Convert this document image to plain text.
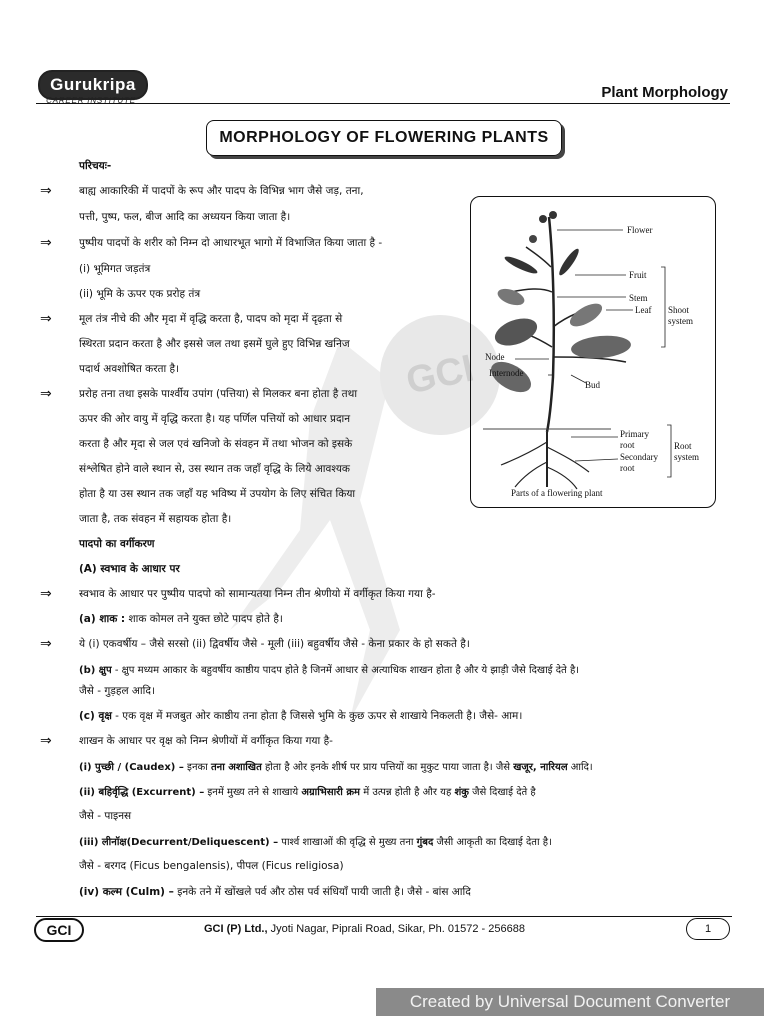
Gurukripa
CAREER INSTITUTE	Plant Morphology
MORPHOLOGY OF FLOWERING PLANTS
GCI
परिचयः-
⇒	बाह्य आकारिकी में पादपों के रूप और पादप के विभिन्न भाग जैसे जड़, तना,
पत्ती, पुष्प, फल, बीज आदि का अध्ययन किया जाता है।
⇒	पुष्पीय पादपों के शरीर को निम्न दो आधारभूत भागो में विभाजित किया जाता है -
(i) भूमिगत जड़तंत्र
(ii) भूमि के ऊपर एक प्ररोह तंत्र
⇒	मूल तंत्र नीचे की और मृदा में वृद्धि करता है, पादप को मृदा में दृढ़ता से
स्थिरता प्रदान करता है और इससे जल तथा इसमें घुले हुए विभिन्न खनिज
पदार्थ अवशोषित करता है।
⇒	प्ररोह तना तथा इसके पार्श्वीय उपांग (पत्तिया) से मिलकर बना होता है तथा
ऊपर की ओर वायु में वृद्धि करता है। यह पर्णिल पत्तियों को आधार प्रदान
करता है और मृदा से जल एवं खनिजो के संवहन में तथा भोजन को इसके
संश्लेषित होने वाले स्थान से, उस स्थान तक जहाँ वृद्धि के लिये आवश्यक
होता है या उस स्थान तक जहाँ यह भविष्य में उपयोग के लिए संचित किया
जाता है, तक संवहन में सहायक होता है।
पादपो का वर्गीकरण
(A) स्वभाव के आधार पर
⇒	स्वभाव के आधार पर पुष्पीय पादपो को सामान्यतया निम्न तीन श्रेणीयो में वर्गीकृत किया गया है-
(a) शाक : शाक कोमल तने युक्त छोटे पादप होते है।
⇒	ये (i) एकवर्षीय – जैसे सरसो (ii) द्विवर्षीय जैसे - मूली (iii) बहुवर्षीय जैसे - केना प्रकार के हो सकते है।
(b) क्षुप - क्षुप मध्यम आकार के बहुवर्षीय काष्ठीय पादप होते है जिनमें आधार से अत्याधिक शाखन होता है और ये झाड़ी जैसे दिखाई देते है।
जैसे - गुड़हल आदि।
(c) वृक्ष - एक वृक्ष में मजबुत ओर काष्ठीय तना होता है जिससे भुमि के कुछ ऊपर से शाखाये निकलती है। जैसे- आम।
⇒	शाखन के आधार पर वृक्ष को निम्न श्रेणीयों में वर्गीकृत किया गया है-
(i) पुच्छी / (Caudex) – इनका तना अशाखित होता है ओर इनके शीर्ष पर प्राय पत्तियों का मुकुट पाया जाता है। जैसे खजूर, नारियल आदि।
(ii) बहिर्वृद्धि (Excurrent) – इनमें मुख्य तने से शाखाये अग्राभिसारी क्रम में उत्पन्न होती है और यह शंकु जैसे दिखाई देते है
जैसे - पाइनस
(iii) लीनॉक्ष(Decurrent/Deliquescent) – पार्श्व शाखाओं की वृद्धि से मुख्य तना गुंबद जैसी आकृती का दिखाई देता है।
जैसे - बरगद (Ficus bengalensis), पीपल (Ficus religiosa)
(iv) कल्म (Culm) – इनके तने में खोंखले पर्व और ठोस पर्व संधियाँ पायी जाती है। जैसे - बांस आदि
Flower
Fruit
Stem
Leaf Shoot
system
Node
Internode
Bud
Primary
root
Secondary
root
Root
system
Parts of a flowering plant
GCI	GCI (P) Ltd., Jyoti Nagar, Piprali Road, Sikar, Ph. 01572 - 256688	1
Created by Universal Document Converter
